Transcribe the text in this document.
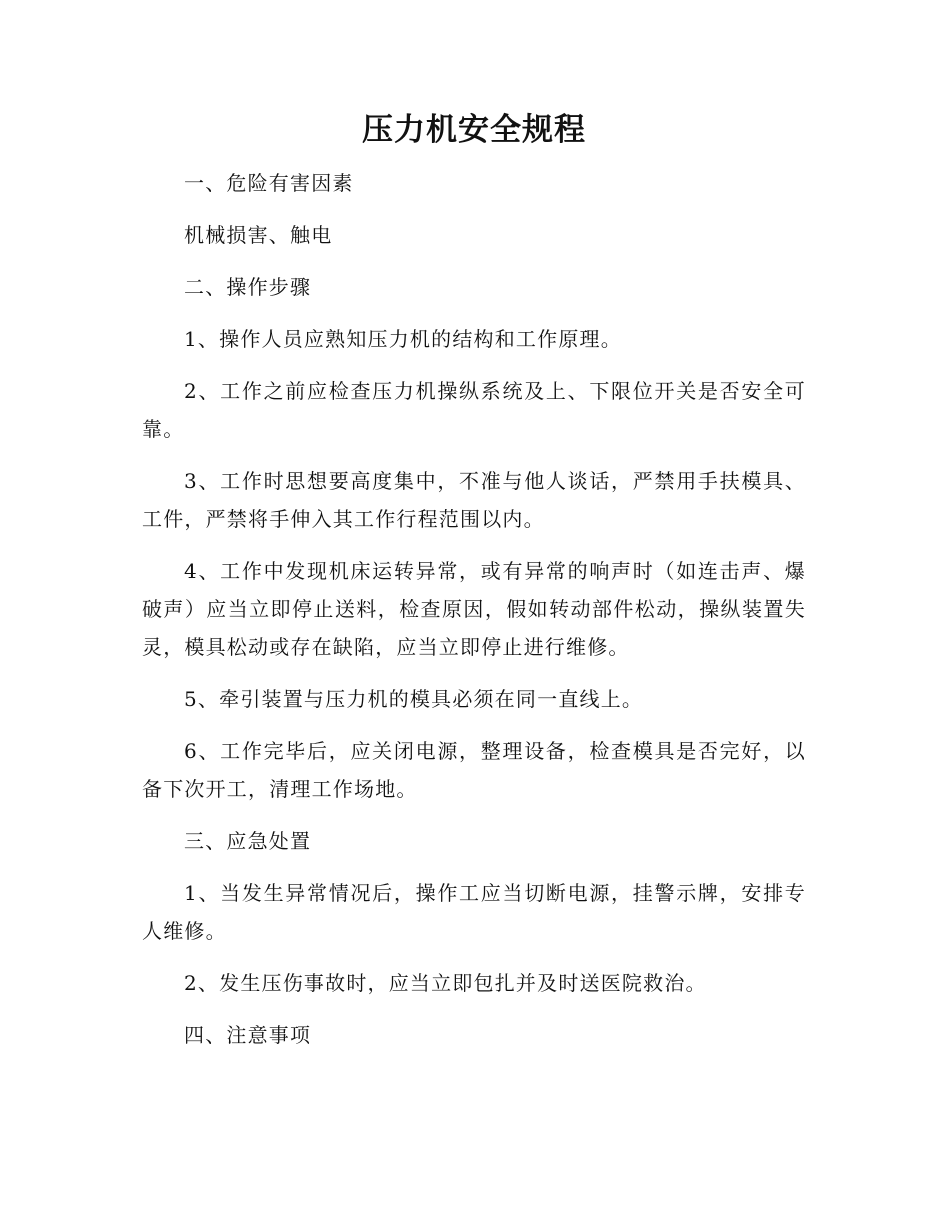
压力机安全规程

一、危险有害因素

机械损害、触电

二、操作步骤

1、操作人员应熟知压力机的结构和工作原理。

2、工作之前应检查压力机操纵系统及上、下限位开关是否安全可靠。

3、工作时思想要高度集中，不准与他人谈话，严禁用手扶模具、工件，严禁将手伸入其工作行程范围以内。

4、工作中发现机床运转异常，或有异常的响声时（如连击声、爆破声）应当立即停止送料，检查原因，假如转动部件松动，操纵装置失灵，模具松动或存在缺陷，应当立即停止进行维修。

5、牵引装置与压力机的模具必须在同一直线上。

6、工作完毕后，应关闭电源，整理设备，检查模具是否完好，以备下次开工，清理工作场地。

三、应急处置

1、当发生异常情况后，操作工应当切断电源，挂警示牌，安排专人维修。

2、发生压伤事故时，应当立即包扎并及时送医院救治。

四、注意事项
